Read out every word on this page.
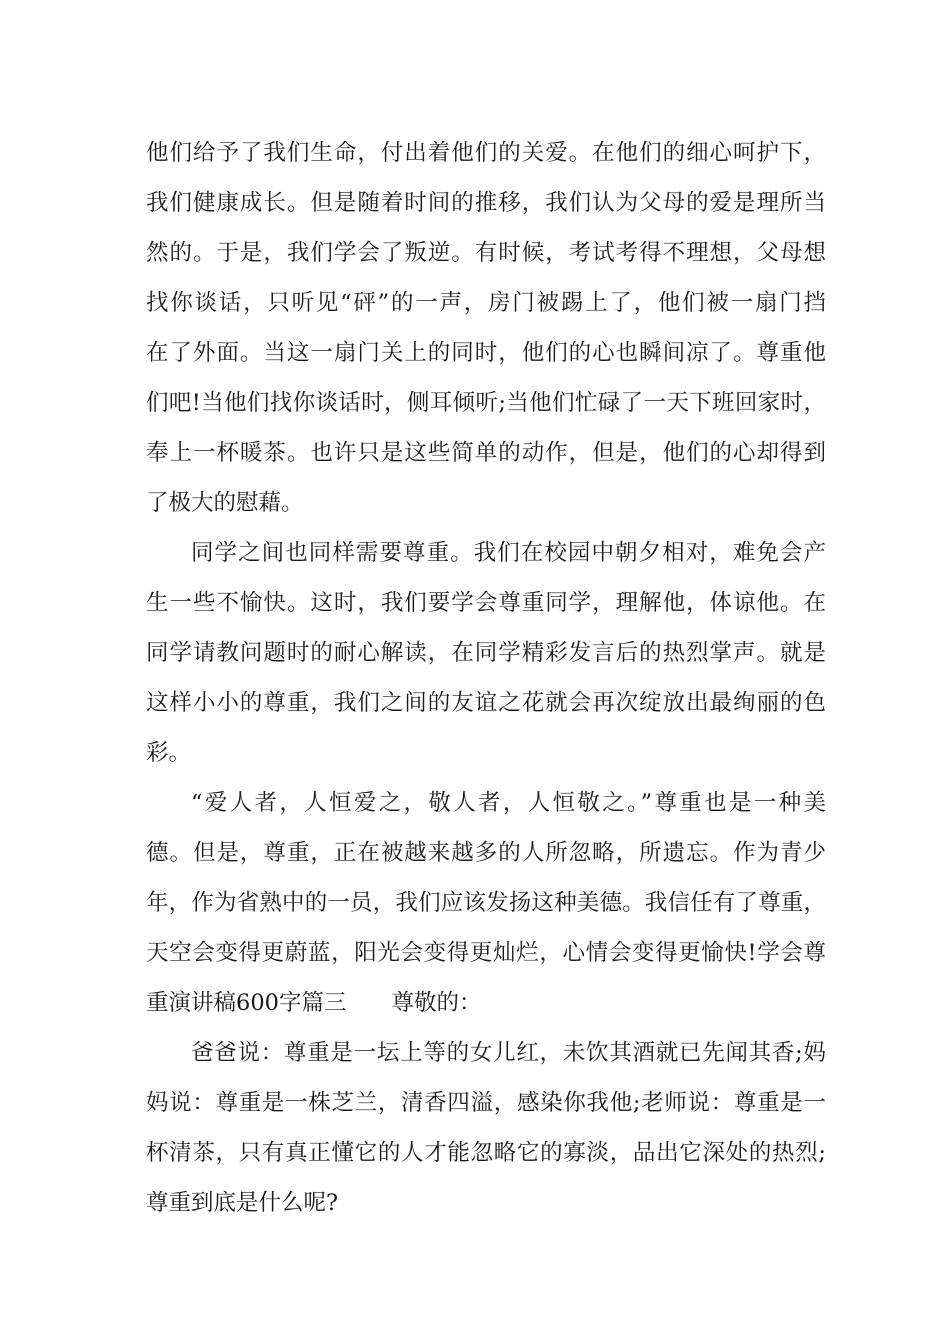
他们给予了我们生命，付出着他们的关爱。在他们的细心呵护下，
我们健康成长。但是随着时间的推移，我们认为父母的爱是理所当
然的。于是，我们学会了叛逆。有时候，考试考得不理想，父母想
找你谈话，只听见“砰”的一声，房门被踢上了，他们被一扇门挡
在了外面。当这一扇门关上的同时，他们的心也瞬间凉了。尊重他
们吧!当他们找你谈话时，侧耳倾听;当他们忙碌了一天下班回家时，
奉上一杯暖茶。也许只是这些简单的动作，但是，他们的心却得到
了极大的慰藉。
同学之间也同样需要尊重。我们在校园中朝夕相对，难免会产
生一些不愉快。这时，我们要学会尊重同学，理解他，体谅他。在
同学请教问题时的耐心解读，在同学精彩发言后的热烈掌声。就是
这样小小的尊重，我们之间的友谊之花就会再次绽放出最绚丽的色
彩。
“爱人者，人恒爱之，敬人者，人恒敬之。”尊重也是一种美
德。但是，尊重，正在被越来越多的人所忽略，所遗忘。作为青少
年，作为省熟中的一员，我们应该发扬这种美德。我信任有了尊重，
天空会变得更蔚蓝，阳光会变得更灿烂，心情会变得更愉快!学会尊
重演讲稿600字篇三　　尊敬的：
爸爸说：尊重是一坛上等的女儿红，未饮其酒就已先闻其香;妈
妈说：尊重是一株芝兰，清香四溢，感染你我他;老师说：尊重是一
杯清茶，只有真正懂它的人才能忽略它的寡淡，品出它深处的热烈;
尊重到底是什么呢?
